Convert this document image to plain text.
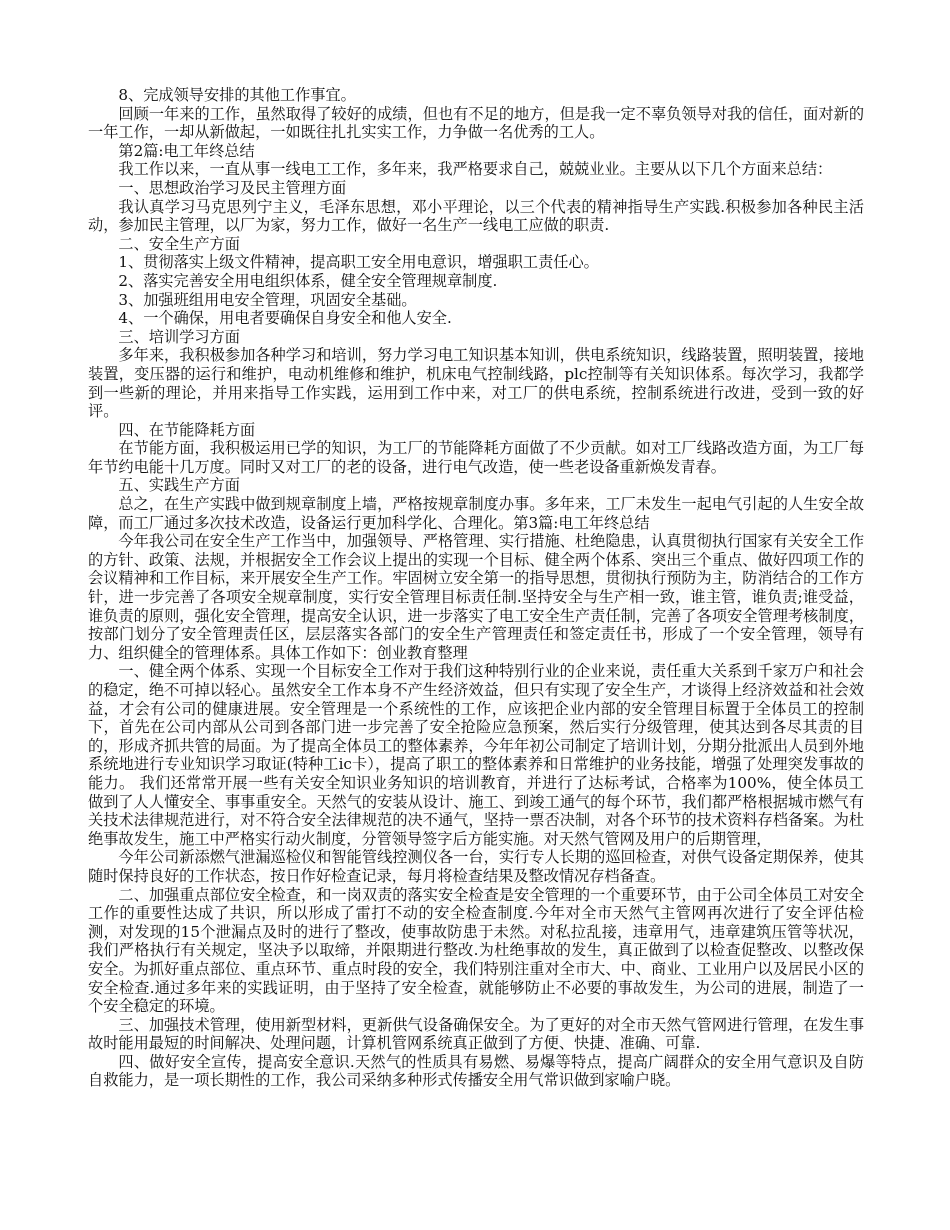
8、完成领导安排的其他工作事宜。

回顾一年来的工作，虽然取得了较好的成绩，但也有不足的地方，但是我一定不辜负领导对我的信任，面对新的一年工作，一却从新做起，一如既往扎扎实实工作，力争做一名优秀的工人。

第2篇:电工年终总结

我工作以来，一直从事一线电工工作，多年来，我严格要求自己，兢兢业业。主要从以下几个方面来总结：

一、思想政治学习及民主管理方面

我认真学习马克思列宁主义，毛泽东思想，邓小平理论，以三个代表的精神指导生产实践.积极参加各种民主活动，参加民主管理，以厂为家，努力工作，做好一名生产一线电工应做的职责.

二、安全生产方面

1、贯彻落实上级文件精神，提高职工安全用电意识，增强职工责任心。

2、落实完善安全用电组织体系，健全安全管理规章制度.

3、加强班组用电安全管理，巩固安全基础。

4、一个确保，用电者要确保自身安全和他人安全.

三、培训学习方面

多年来，我积极参加各种学习和培训，努力学习电工知识基本知训，供电系统知识，线路装置，照明装置，接地装置，变压器的运行和维护，电动机维修和维护，机床电气控制线路，plc控制等有关知识体系。每次学习，我都学到一些新的理论，并用来指导工作实践，运用到工作中来，对工厂的供电系统，控制系统进行改进，受到一致的好评。

四、在节能降耗方面

在节能方面，我积极运用已学的知识，为工厂的节能降耗方面做了不少贡献。如对工厂线路改造方面，为工厂每年节约电能十几万度。同时又对工厂的老的设备，进行电气改造，使一些老设备重新焕发青春。

五、实践生产方面

总之，在生产实践中做到规章制度上墙，严格按规章制度办事。多年来，工厂未发生一起电气引起的人生安全故障，而工厂通过多次技术改造，设备运行更加科学化、合理化。第3篇:电工年终总结

今年我公司在安全生产工作当中，加强领导、严格管理、实行措施、杜绝隐患，认真贯彻执行国家有关安全工作的方针、政策、法规，并根据安全工作会议上提出的实现一个目标、健全两个体系、突出三个重点、做好四项工作的会议精神和工作目标，来开展安全生产工作。牢固树立安全第一的指导思想，贯彻执行预防为主，防消结合的工作方针，进一步完善了各项安全规章制度，实行安全管理目标责任制.坚持安全与生产相一致，谁主管，谁负责;谁受益，谁负责的原则，强化安全管理，提高安全认识，进一步落实了电工安全生产责任制，完善了各项安全管理考核制度，按部门划分了安全管理责任区，层层落实各部门的安全生产管理责任和签定责任书，形成了一个安全管理，领导有力、组织健全的管理体系。具体工作如下：创业教育整理

一、健全两个体系、实现一个目标安全工作对于我们这种特别行业的企业来说，责任重大关系到千家万户和社会的稳定，绝不可掉以轻心。虽然安全工作本身不产生经济效益，但只有实现了安全生产，才谈得上经济效益和社会效益，才会有公司的健康进展。安全管理是一个系统性的工作，应该把企业内部的安全管理目标置于全体员工的控制下，首先在公司内部从公司到各部门进一步完善了安全抢险应急预案，然后实行分级管理，使其达到各尽其责的目的，形成齐抓共管的局面。为了提高全体员工的整体素养，今年年初公司制定了培训计划，分期分批派出人员到外地系统地进行专业知识学习取证(特种工ic卡），提高了职工的整体素养和日常维护的业务技能，增强了处理突发事故的能力。 我们还常常开展一些有关安全知识业务知识的培训教育，并进行了达标考试，合格率为100%，使全体员工做到了人人懂安全、事事重安全。天然气的安装从设计、施工、到竣工通气的每个环节，我们都严格根据城市燃气有关技术法律规范进行，对不符合安全法律规范的决不通气，坚持一票否决制，对各个环节的技术资料存档备案。为杜绝事故发生，施工中严格实行动火制度，分管领导签字后方能实施。对天然气管网及用户的后期管理，

今年公司新添燃气泄漏巡检仪和智能管线控测仪各一台，实行专人长期的巡回检查，对供气设备定期保养，使其随时保持良好的工作状态，按日作好检查记录，每月将检查结果及整改情况存档备查。

二、加强重点部位安全检查，和一岗双责的落实安全检查是安全管理的一个重要环节，由于公司全体员工对安全工作的重要性达成了共识，所以形成了雷打不动的安全检查制度.今年对全市天然气主管网再次进行了安全评估检测，对发现的15个泄漏点及时的进行了整改，使事故防患于未然。对私拉乱接，违章用气，违章建筑压管等状况，我们严格执行有关规定，坚决予以取缔，并限期进行整改.为杜绝事故的发生，真正做到了以检查促整改、以整改保安全。为抓好重点部位、重点环节、重点时段的安全，我们特别注重对全市大、中、商业、工业用户以及居民小区的安全检查.通过多年来的实践证明，由于坚持了安全检查，就能够防止不必要的事故发生，为公司的进展，制造了一个安全稳定的环境。

三、加强技术管理，使用新型材料，更新供气设备确保安全。为了更好的对全市天然气管网进行管理，在发生事故时能用最短的时间解决、处理问题，计算机管网系统真正做到了方便、快捷、准确、可靠.

四、做好安全宣传，提高安全意识.天然气的性质具有易燃、易爆等特点，提高广阔群众的安全用气意识及自防自救能力，是一项长期性的工作，我公司采纳多种形式传播安全用气常识做到家喻户晓。
